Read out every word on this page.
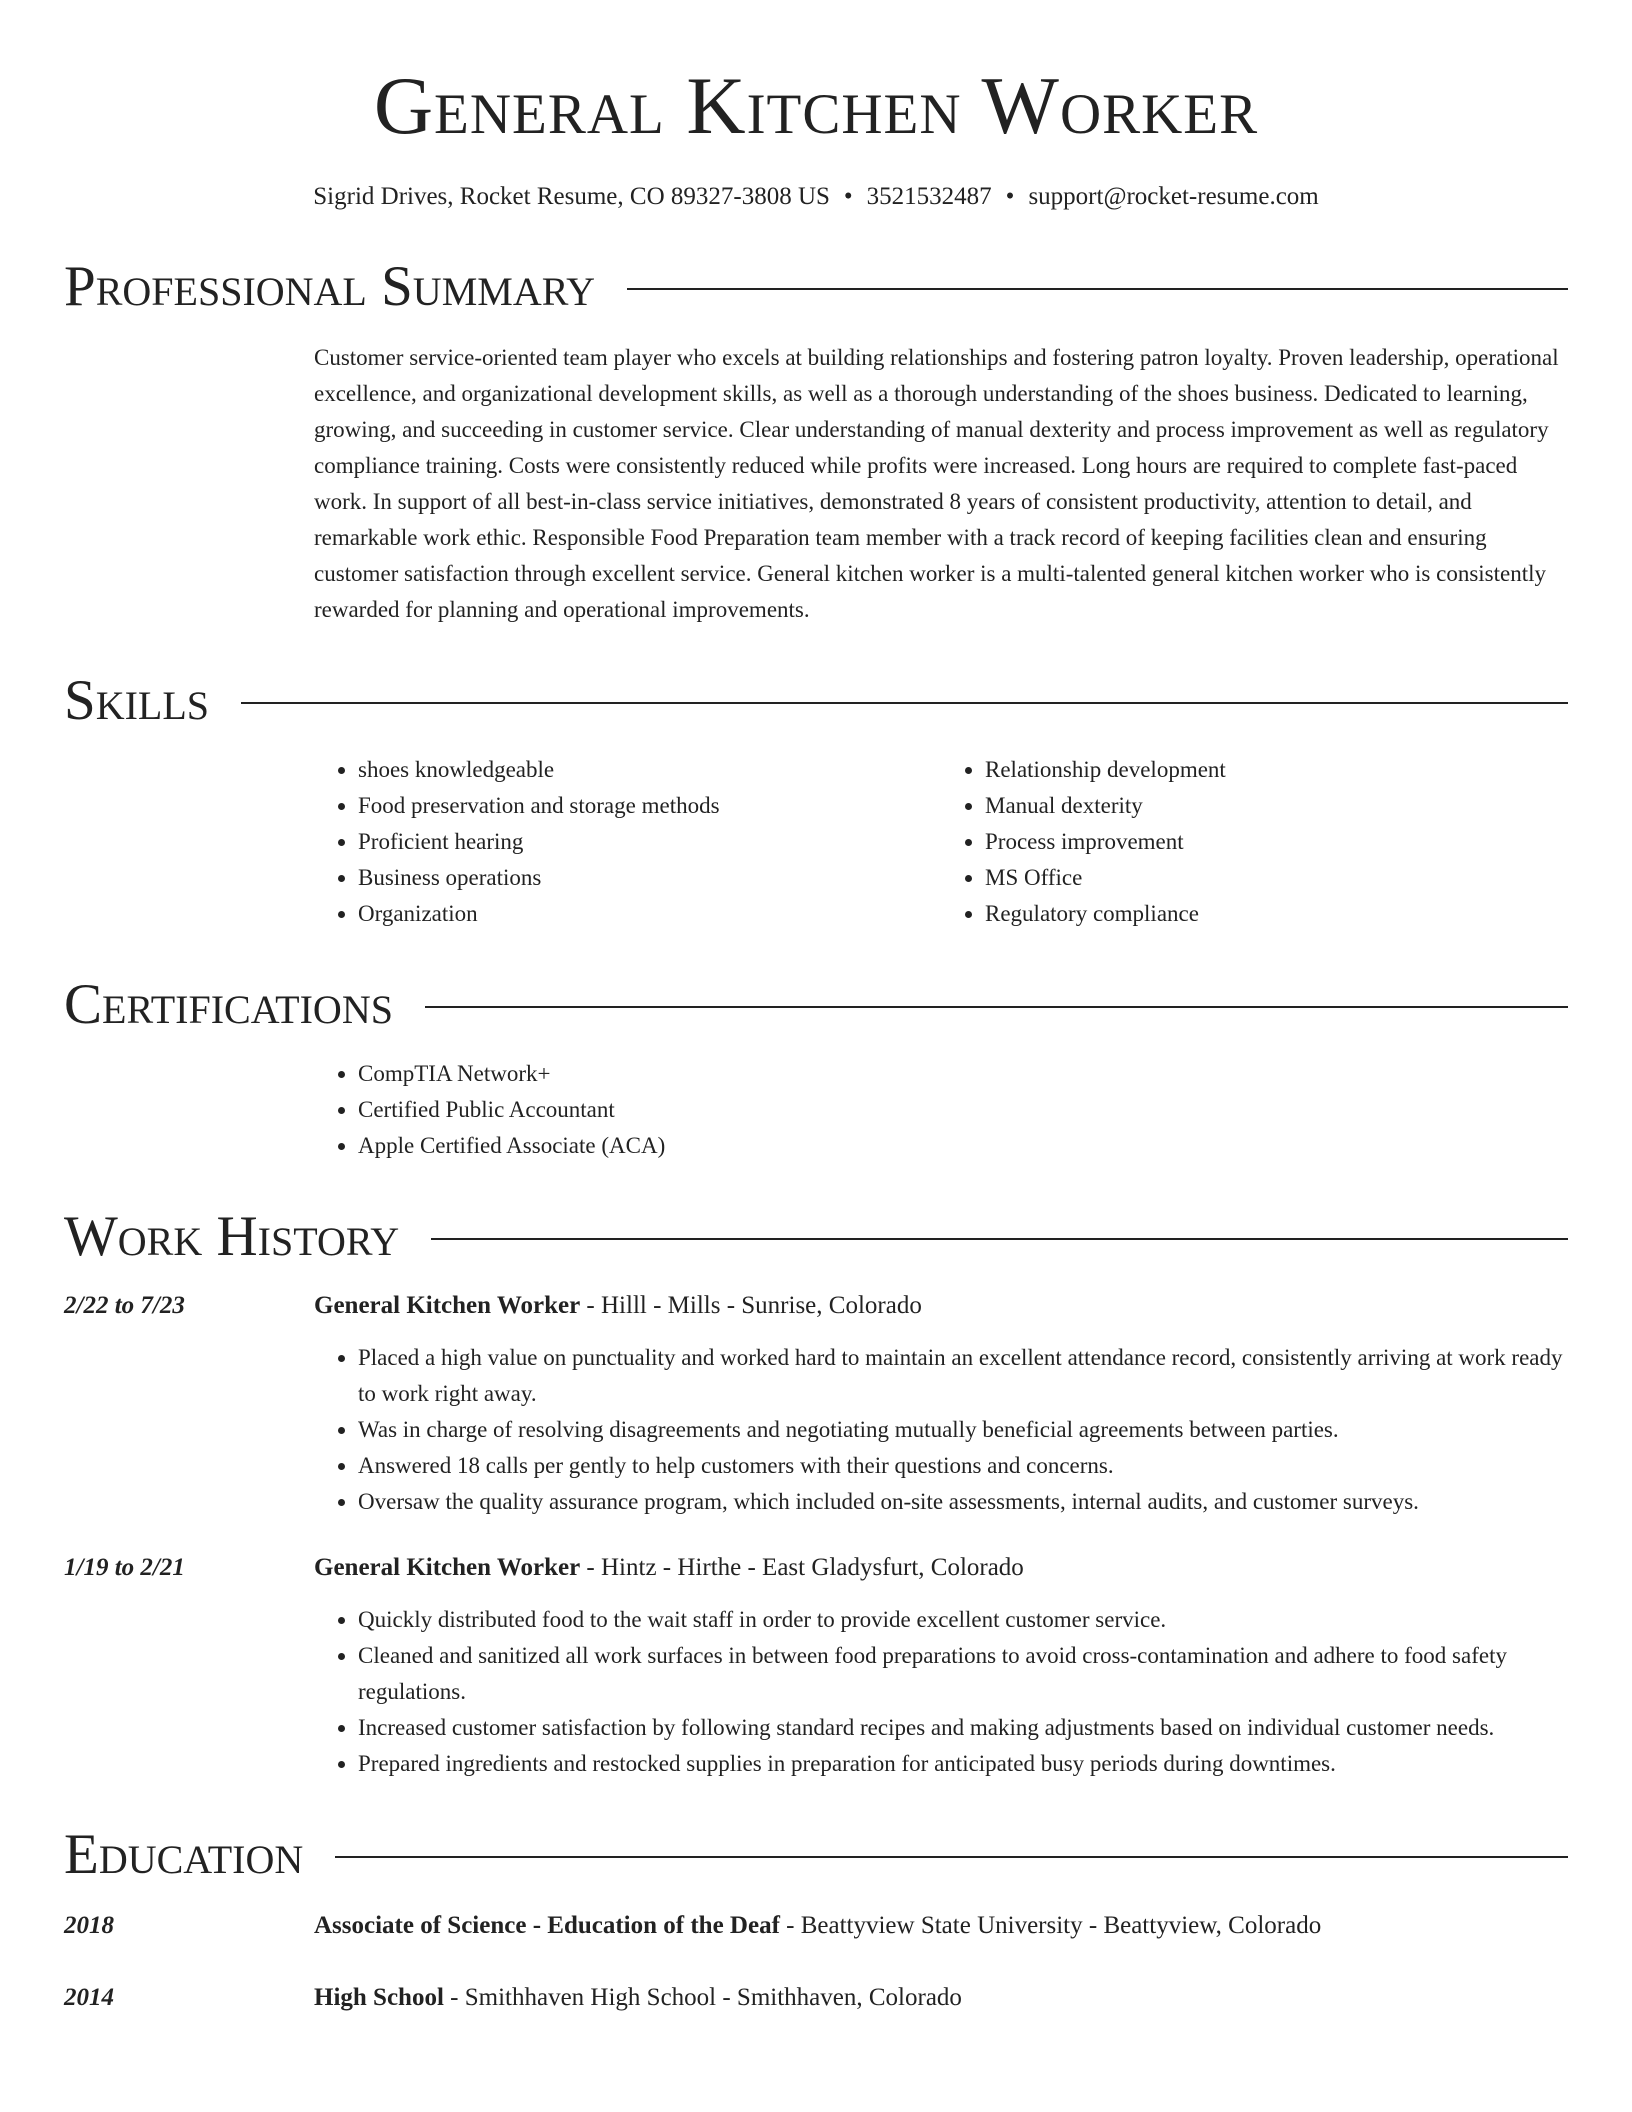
General Kitchen Worker
Sigrid Drives, Rocket Resume, CO 89327-3808 US • 3521532487 • support@rocket-resume.com
Professional Summary
Customer service-oriented team player who excels at building relationships and fostering patron loyalty. Proven leadership, operational excellence, and organizational development skills, as well as a thorough understanding of the shoes business. Dedicated to learning, growing, and succeeding in customer service. Clear understanding of manual dexterity and process improvement as well as regulatory compliance training. Costs were consistently reduced while profits were increased. Long hours are required to complete fast-paced work. In support of all best-in-class service initiatives, demonstrated 8 years of consistent productivity, attention to detail, and remarkable work ethic. Responsible Food Preparation team member with a track record of keeping facilities clean and ensuring customer satisfaction through excellent service. General kitchen worker is a multi-talented general kitchen worker who is consistently rewarded for planning and operational improvements.
Skills
• shoes knowledgeable
• Food preservation and storage methods
• Proficient hearing
• Business operations
• Organization
• Relationship development
• Manual dexterity
• Process improvement
• MS Office
• Regulatory compliance
Certifications
• CompTIA Network+
• Certified Public Accountant
• Apple Certified Associate (ACA)
Work History
2/22 to 7/23	General Kitchen Worker - Hilll - Mills - Sunrise, Colorado
• Placed a high value on punctuality and worked hard to maintain an excellent attendance record, consistently arriving at work ready to work right away.
• Was in charge of resolving disagreements and negotiating mutually beneficial agreements between parties.
• Answered 18 calls per gently to help customers with their questions and concerns.
• Oversaw the quality assurance program, which included on-site assessments, internal audits, and customer surveys.
1/19 to 2/21	General Kitchen Worker - Hintz - Hirthe - East Gladysfurt, Colorado
• Quickly distributed food to the wait staff in order to provide excellent customer service.
• Cleaned and sanitized all work surfaces in between food preparations to avoid cross-contamination and adhere to food safety regulations.
• Increased customer satisfaction by following standard recipes and making adjustments based on individual customer needs.
• Prepared ingredients and restocked supplies in preparation for anticipated busy periods during downtimes.
Education
2018	Associate of Science - Education of the Deaf - Beattyview State University - Beattyview, Colorado
2014	High School - Smithhaven High School - Smithhaven, Colorado
